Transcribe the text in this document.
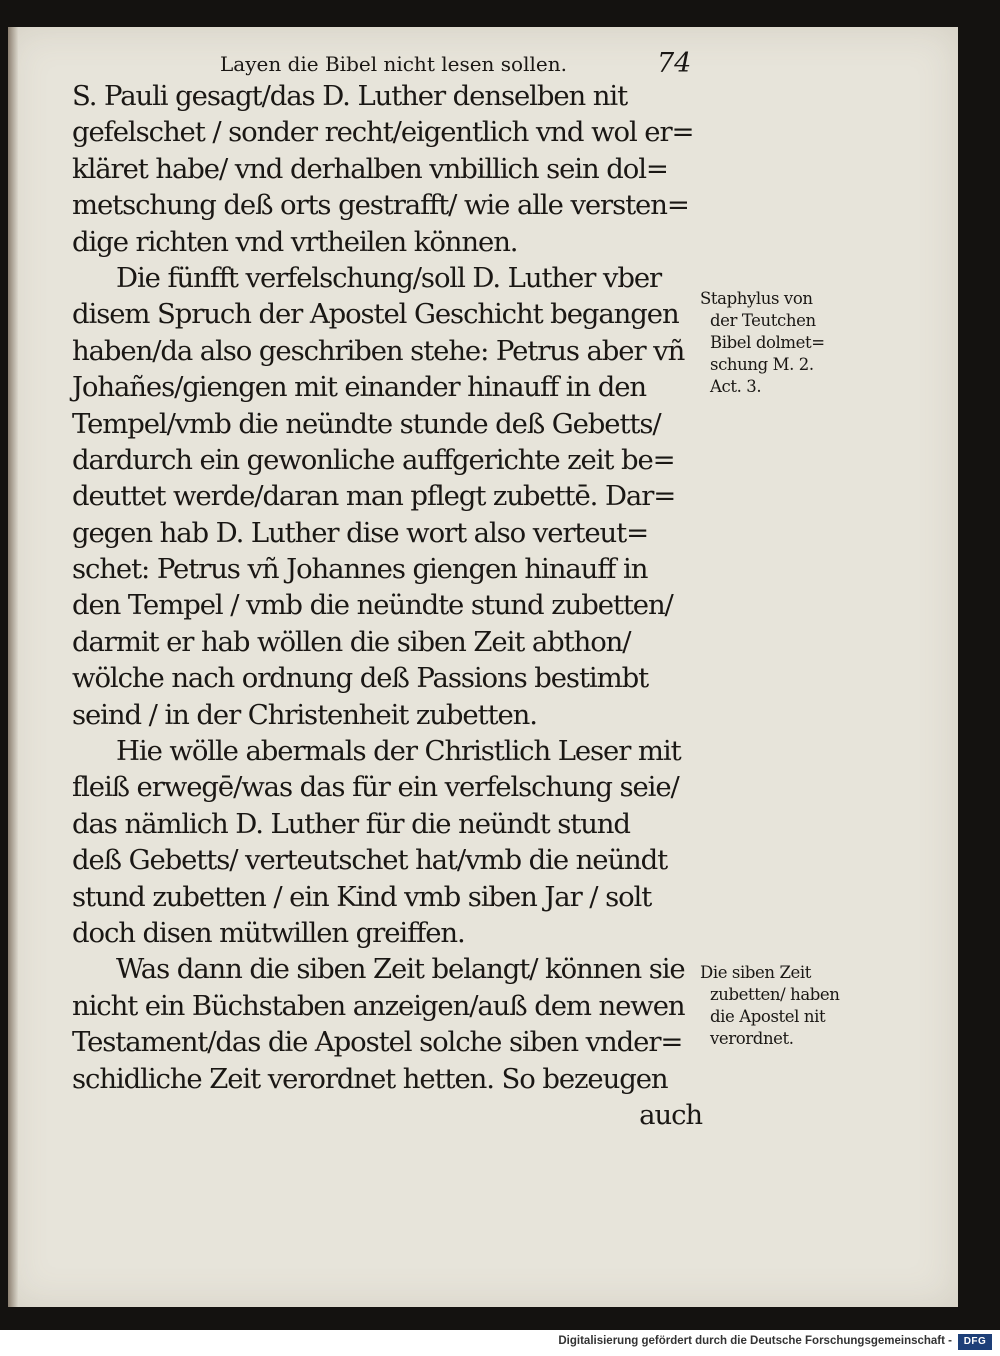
Layen die Bibel nicht lesen sollen.	74
S. Pauli gesagt/das D. Luther denselben nit
gefelschet / sonder recht/eigentlich vnd wol er=
kläret habe/ vnd derhalben vnbillich sein dol=
metschung deß orts gestrafft/ wie alle versten=
dige richten vnd vrtheilen können.
Die fünfft verfelschung/soll D. Luther vber
disem Spruch der Apostel Geschicht begangen
haben/da also geschriben stehe: Petrus aber vñ
Johañes/giengen mit einander hinauff in den
Tempel/vmb die neündte stunde deß Gebetts/
dardurch ein gewonliche auffgerichte zeit be=
deuttet werde/daran man pflegt zubettē. Dar=
gegen hab D. Luther dise wort also verteut=
schet: Petrus vñ Johannes giengen hinauff in
den Tempel / vmb die neündte stund zubetten/
darmit er hab wöllen die siben Zeit abthon/
wölche nach ordnung deß Passions bestimbt
seind / in der Christenheit zubetten.
Hie wölle abermals der Christlich Leser mit
fleiß erwegē/was das für ein verfelschung seie/
das nämlich D. Luther für die neündt stund
deß Gebetts/ verteutschet hat/vmb die neündt
stund zubetten / ein Kind vmb siben Jar / solt
doch disen mütwillen greiffen.
Was dann die siben Zeit belangt/ können sie
nicht ein Büchstaben anzeigen/auß dem newen
Testament/das die Apostel solche siben vnder=
schidliche Zeit verordnet hetten. So bezeugen
auch
Staphylus von
der Teutchen
Bibel dolmet=
schung M. 2.
Act. 3.
Die siben Zeit
zubetten/ haben
die Apostel nit
verordnet.
Digitalisierung gefördert durch die Deutsche Forschungsgemeinschaft -	DFG
